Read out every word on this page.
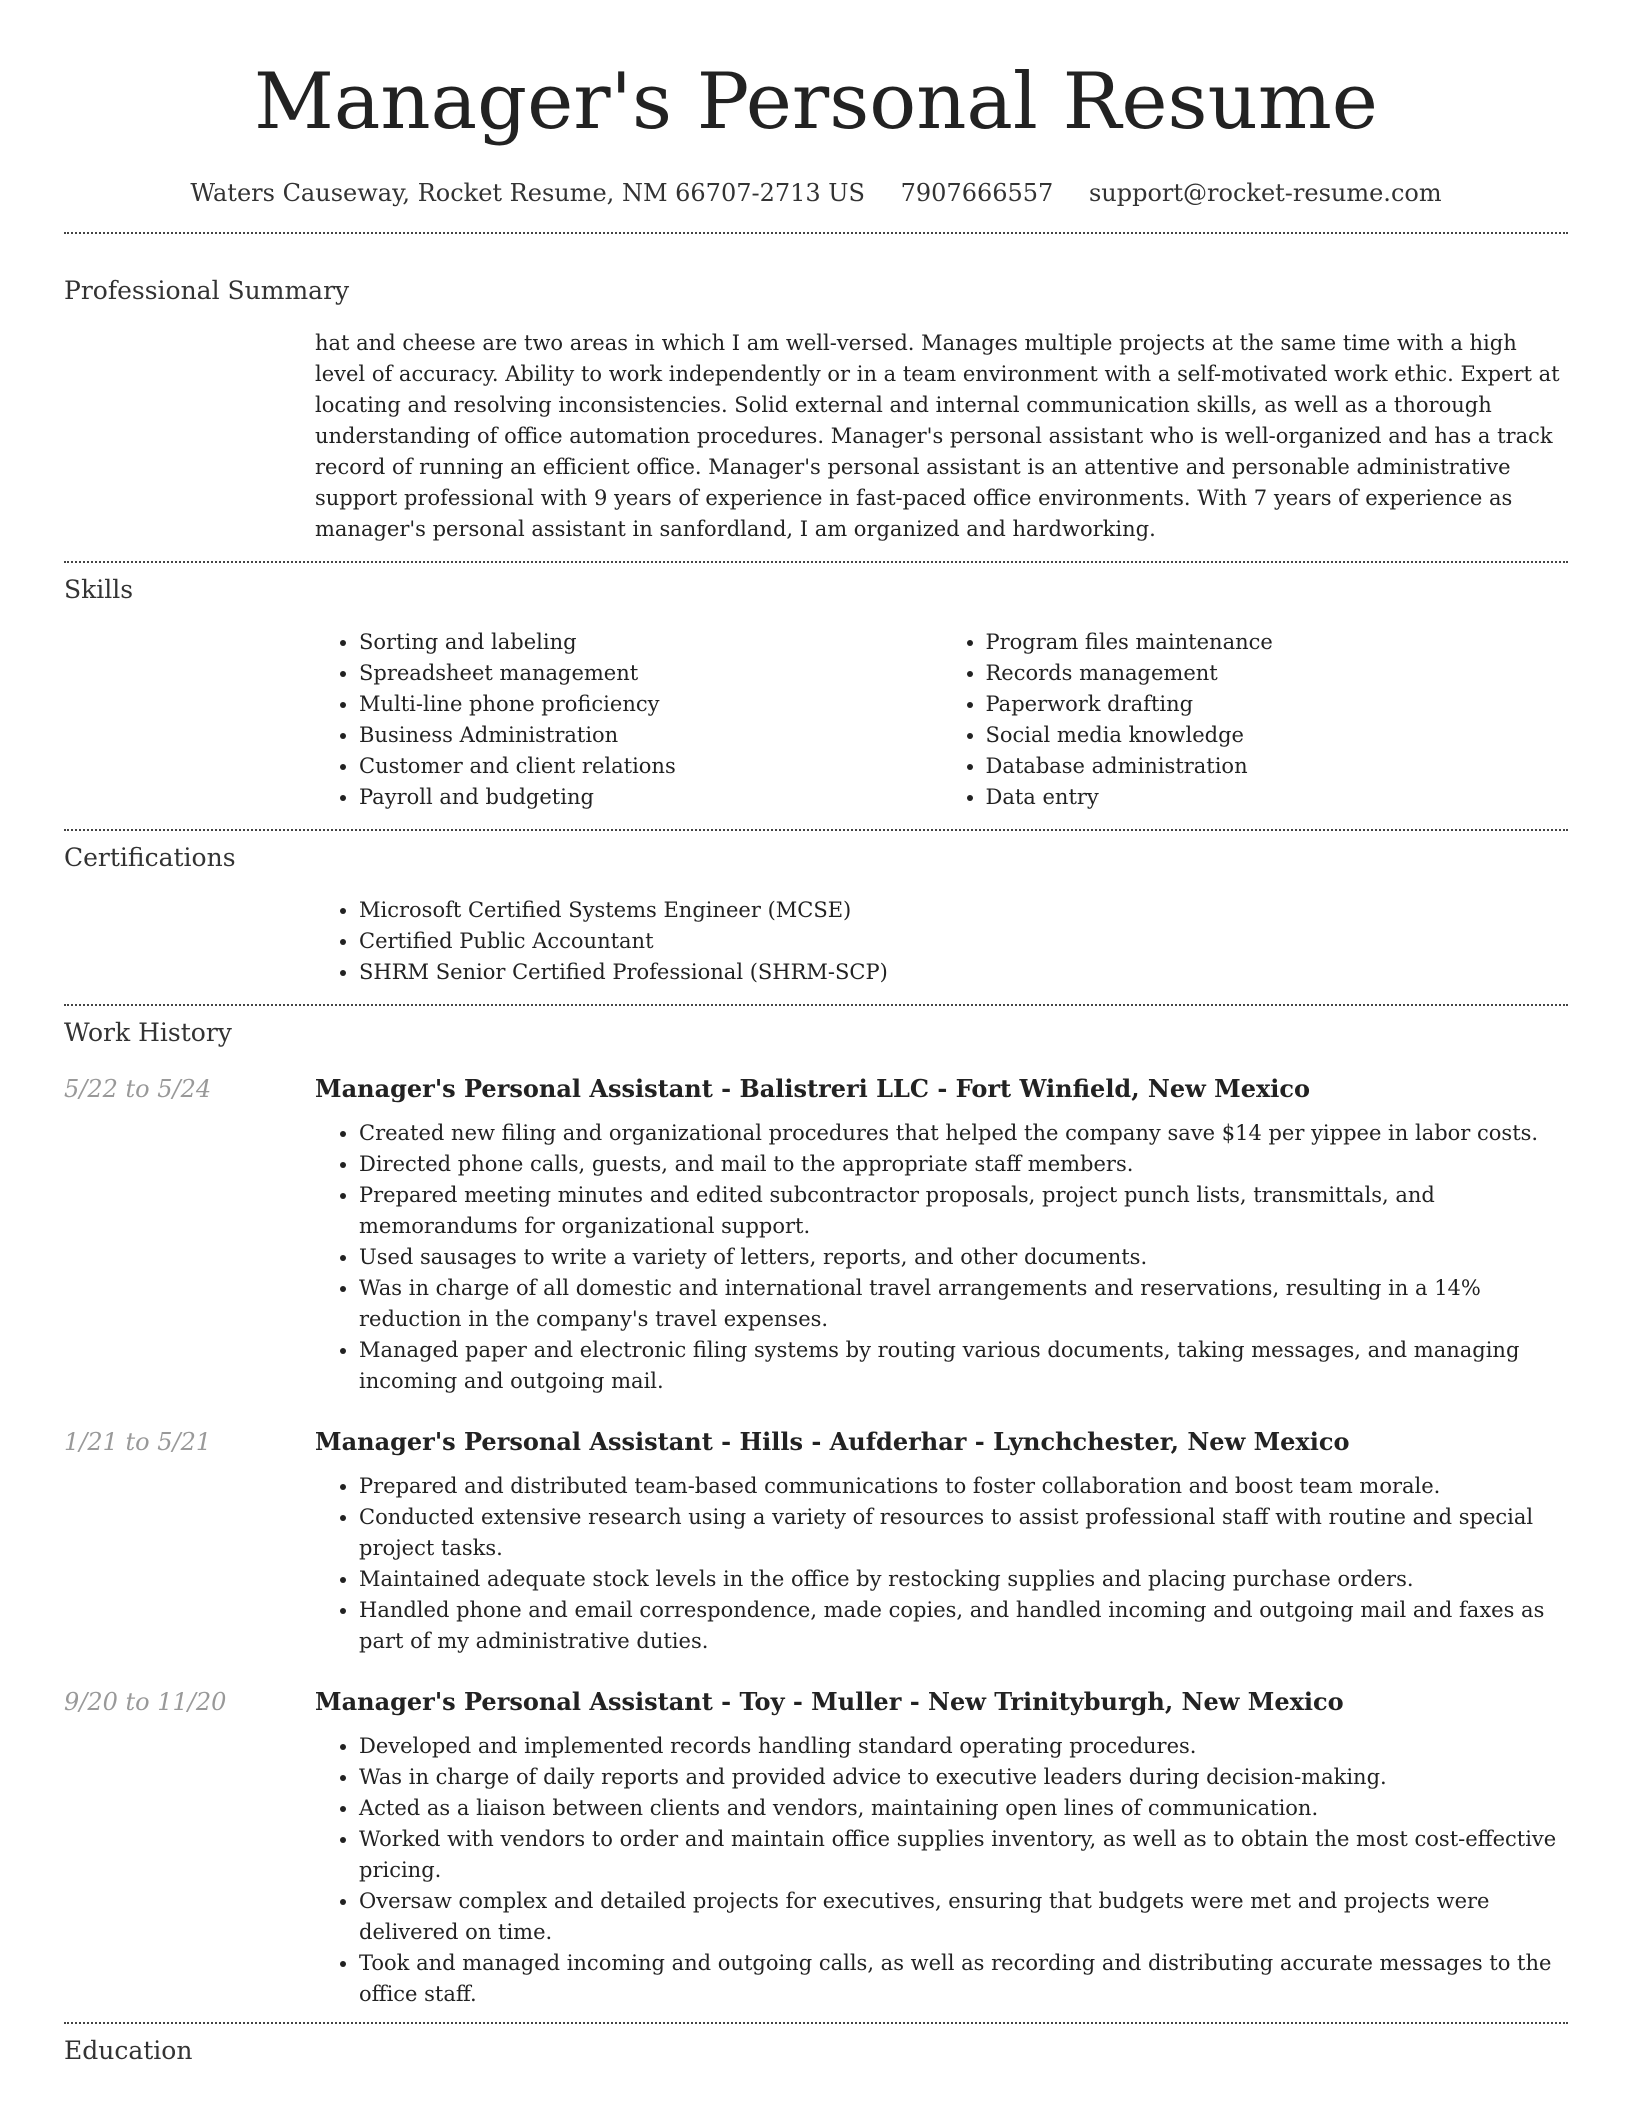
Manager's Personal Resume
Waters Causeway, Rocket Resume, NM 66707-2713 US 7907666557 support@rocket-resume.com
Professional Summary

hat and cheese are two areas in which I am well-versed. Manages multiple projects at the same time with a high level of accuracy. Ability to work independently or in a team environment with a self-motivated work ethic. Expert at locating and resolving inconsistencies. Solid external and internal communication skills, as well as a thorough understanding of office automation procedures. Manager's personal assistant who is well-organized and has a track record of running an efficient office. Manager's personal assistant is an attentive and personable administrative support professional with 9 years of experience in fast-paced office environments. With 7 years of experience as manager's personal assistant in sanfordland, I am organized and hardworking.

Skills
• Sorting and labeling
• Spreadsheet management
• Multi-line phone proficiency
• Business Administration
• Customer and client relations
• Payroll and budgeting
• Program files maintenance
• Records management
• Paperwork drafting
• Social media knowledge
• Database administration
• Data entry
Certifications
• Microsoft Certified Systems Engineer (MCSE)
• Certified Public Accountant
• SHRM Senior Certified Professional (SHRM-SCP)
Work History
5/22 to 5/24	Manager's Personal Assistant - Balistreri LLC - Fort Winfield, New Mexico
• Created new filing and organizational procedures that helped the company save $14 per yippee in labor costs.
• Directed phone calls, guests, and mail to the appropriate staff members.
• Prepared meeting minutes and edited subcontractor proposals, project punch lists, transmittals, and memorandums for organizational support.
• Used sausages to write a variety of letters, reports, and other documents.
• Was in charge of all domestic and international travel arrangements and reservations, resulting in a 14% reduction in the company's travel expenses.
• Managed paper and electronic filing systems by routing various documents, taking messages, and managing incoming and outgoing mail.
1/21 to 5/21	Manager's Personal Assistant - Hills - Aufderhar - Lynchchester, New Mexico
• Prepared and distributed team-based communications to foster collaboration and boost team morale.
• Conducted extensive research using a variety of resources to assist professional staff with routine and special project tasks.
• Maintained adequate stock levels in the office by restocking supplies and placing purchase orders.
• Handled phone and email correspondence, made copies, and handled incoming and outgoing mail and faxes as part of my administrative duties.
9/20 to 11/20	Manager's Personal Assistant - Toy - Muller - New Trinityburgh, New Mexico
• Developed and implemented records handling standard operating procedures.
• Was in charge of daily reports and provided advice to executive leaders during decision-making.
• Acted as a liaison between clients and vendors, maintaining open lines of communication.
• Worked with vendors to order and maintain office supplies inventory, as well as to obtain the most cost-effective pricing.
• Oversaw complex and detailed projects for executives, ensuring that budgets were met and projects were delivered on time.
• Took and managed incoming and outgoing calls, as well as recording and distributing accurate messages to the office staff.
Education
